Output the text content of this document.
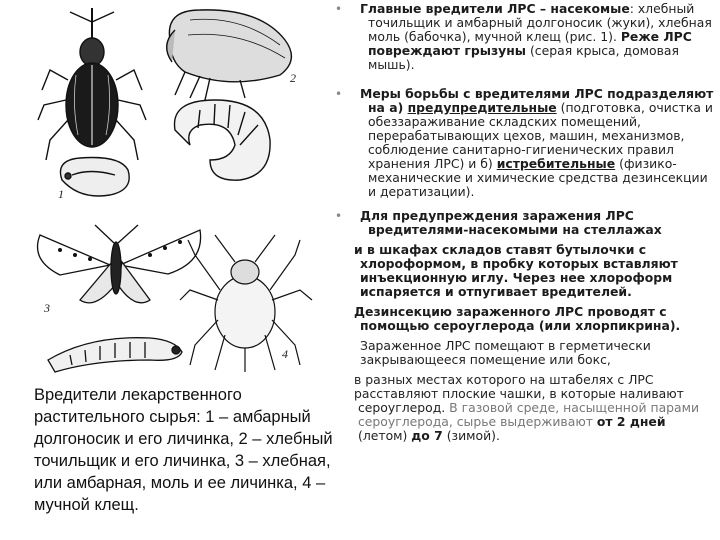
1
2
3
4
Вредители лекарственного растительного сырья: 1 – амбарный долгоносик и его личинка, 2 – хлебный точильщик и его личинка, 3 – хлебная, или амбарная, моль и ее личинка, 4 – мучной клещ.
•
•
•
Главные вредители ЛРС – насекомые: хлебный
точильщик и амбарный долгоносик (жуки), хлебная
моль (бабочка), мучной клещ (рис. 1). Реже ЛРС
повреждают грызуны (серая крыса, домовая
мышь).
Меры борьбы с вредителями ЛРС подразделяют
на а) предупредительные (подготовка, очистка и
обеззараживание складских помещений,
перерабатывающих цехов, машин, механизмов,
соблюдение санитарно-гигиенических правил
хранения ЛРС) и б) истребительные (физико-
механические и химические средства дезинсекции
и дератизации).
Для предупреждения заражения ЛРС
вредителями-насекомыми на стеллажах
и в шкафах складов ставят бутылочки с
хлороформом, в пробку которых вставляют
инъекционную иглу. Через нее хлороформ
испаряется и отпугивает вредителей.
Дезинсекцию зараженного ЛРС проводят с
помощью сероуглерода (или хлорпикрина).
Зараженное ЛРС помещают в герметически
закрывающееся помещение или бокс,
в разных местах которого на штабелях с ЛРС
расставляют плоские чашки, в которые наливают
сероуглерод. В газовой среде, насыщенной парами
сероуглерода, сырье выдерживают от 2 дней
(летом) до 7 (зимой).
